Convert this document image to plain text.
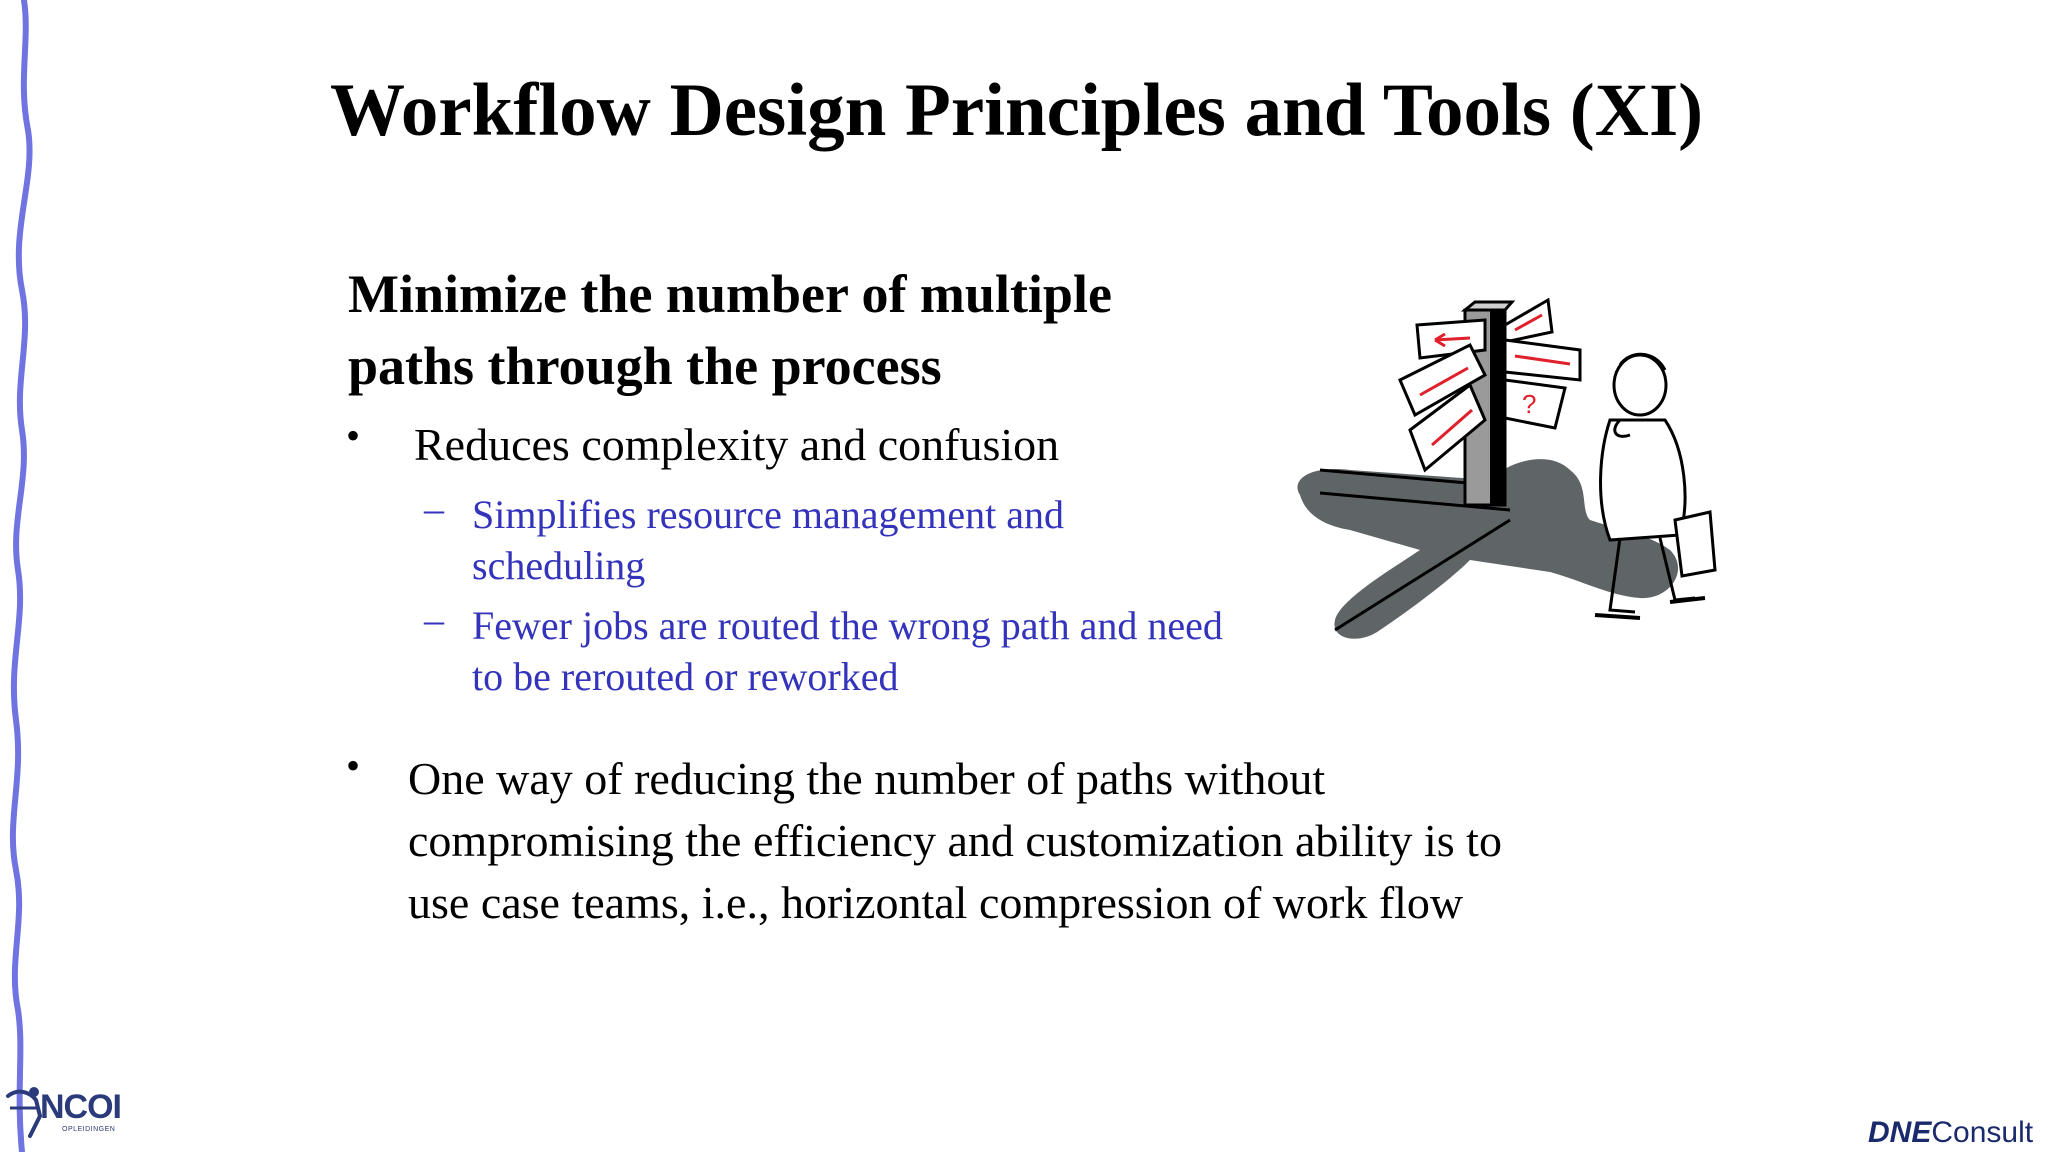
Workflow Design Principles and Tools (XI)
Minimize the number of multiple
paths through the process
• Reduces complexity and confusion
– Simplifies resource management and
scheduling
– Fewer jobs are routed the wrong path and need
to be rerouted or reworked
• One way of reducing the number of paths without
compromising the efficiency and customization ability is to
use case teams, i.e., horizontal compression of work flow
?
NCOI
OPLEIDINGEN	DNEConsult
